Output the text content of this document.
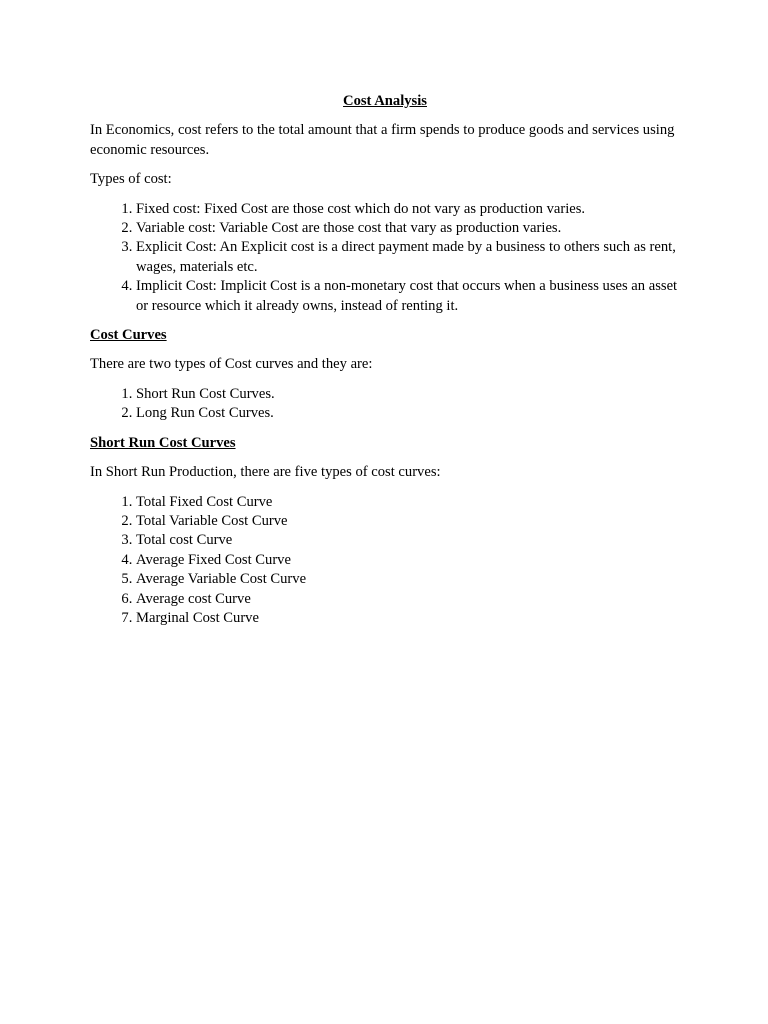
Cost Analysis

In Economics, cost refers to the total amount that a firm spends to produce goods and services using economic resources.

Types of cost:

1. Fixed cost: Fixed Cost are those cost which do not vary as production varies.
2. Variable cost: Variable Cost are those cost that vary as production varies.
3. Explicit Cost: An Explicit cost is a direct payment made by a business to others such as rent, wages, materials etc.
4. Implicit Cost: Implicit Cost is a non-monetary cost that occurs when a business uses an asset or resource which it already owns, instead of renting it.
Cost Curves

There are two types of Cost curves and they are:

1. Short Run Cost Curves.
2. Long Run Cost Curves.
Short Run Cost Curves

In Short Run Production, there are five types of cost curves:

1. Total Fixed Cost Curve
2. Total Variable Cost Curve
3. Total cost Curve
4. Average Fixed Cost Curve
5. Average Variable Cost Curve
6. Average cost Curve
7. Marginal Cost Curve
